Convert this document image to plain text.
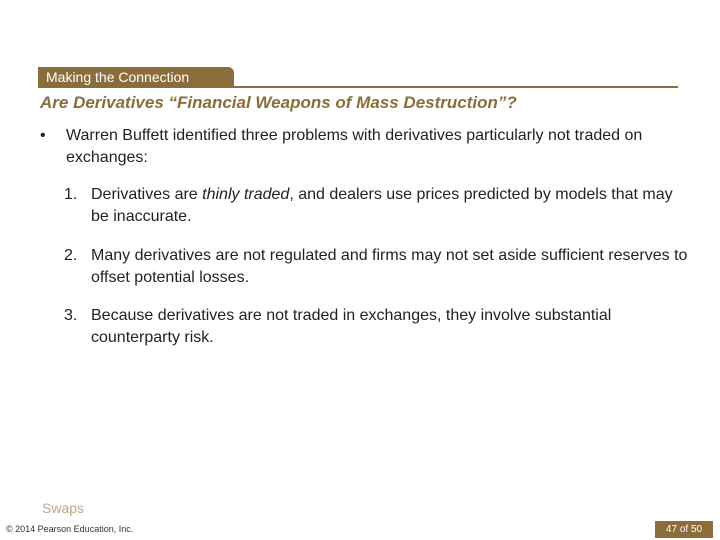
Making the Connection
Are Derivatives “Financial Weapons of Mass Destruction”?
• Warren Buffett identified three problems with derivatives particularly not traded on exchanges:
1. Derivatives are thinly traded, and dealers use prices predicted by models that may be inaccurate.
2. Many derivatives are not regulated and firms may not set aside sufficient reserves to offset potential losses.
3. Because derivatives are not traded in exchanges, they involve substantial counterparty risk.
Swaps
© 2014 Pearson Education, Inc.	47 of 50
